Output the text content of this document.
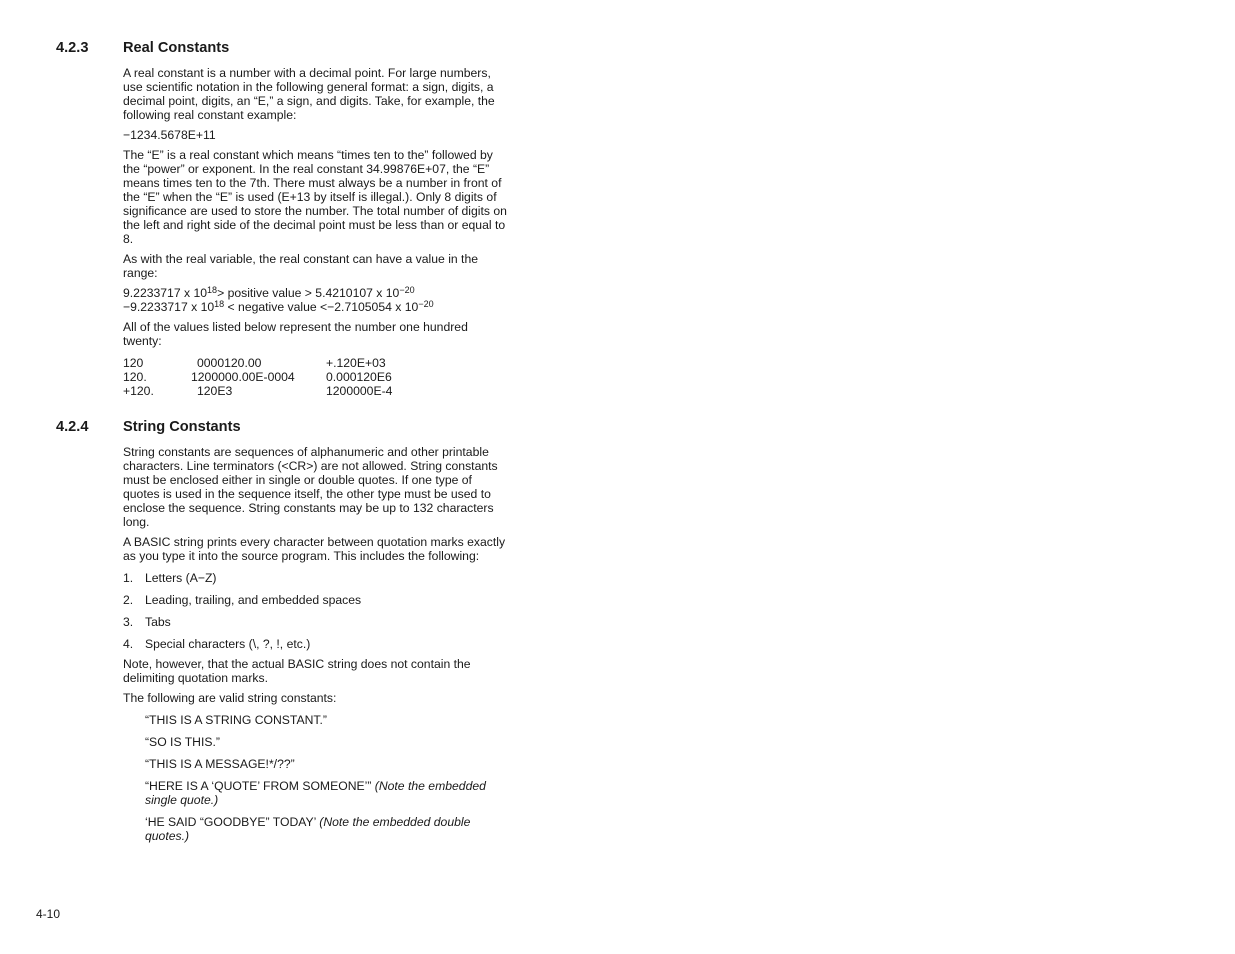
4.2.3 Real Constants

A real constant is a number with a decimal point. For large numbers, use scientific notation in the following general format: a sign, digits, a decimal point, digits, an “E,” a sign, and digits. Take, for example, the following real constant example:

−1234.5678E+11

The “E” is a real constant which means “times ten to the” followed by the “power” or exponent. In the real constant 34.99876E+07, the “E” means times ten to the 7th. There must always be a number in front of the “E” when the “E” is used (E+13 by itself is illegal.). Only 8 digits of significance are used to store the number. The total number of digits on the left and right side of the decimal point must be less than or equal to 8.

As with the real variable, the real constant can have a value in the range:

9.2233717 x $10^{18}>$ positive value > 5.4210107 x $10^{-20}$
−9.2233717 x $10^{18}$ < negative value <−2.7105054 x $10^{-20}$

All of the values listed below represent the number one hundred twenty:

120	0000120.00	+.120E+03
120.	1200000.00E-0004	0.000120E6
+120.	120E3	1200000E-4
4.2.4 String Constants

String constants are sequences of alphanumeric and other printable characters. Line terminators (<CR>) are not allowed. String constants must be enclosed either in single or double quotes. If one type of quotes is used in the sequence itself, the other type must be used to enclose the sequence. String constants may be up to 132 characters long.

A BASIC string prints every character between quotation marks exactly as you type it into the source program. This includes the following:

1. Letters (A−Z)
2. Leading, trailing, and embedded spaces
3. Tabs
4. Special characters (\, ?, !, etc.)

Note, however, that the actual BASIC string does not contain the delimiting quotation marks.

The following are valid string constants:

“THIS IS A STRING CONSTANT.”
“SO IS THIS.”
“THIS IS A MESSAGE!*/??”
“HERE IS A ‘QUOTE’ FROM SOMEONE’” (Note the embedded single quote.)
‘HE SAID “GOODBYE” TODAY’ (Note the embedded double quotes.)
4-10
